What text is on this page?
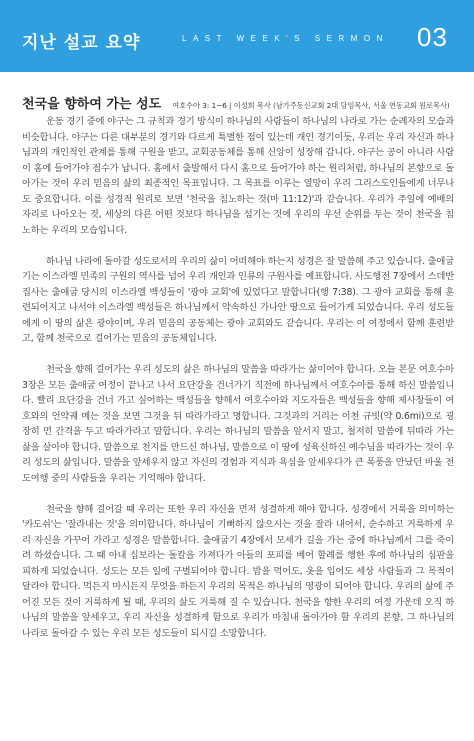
지난 설교 요약	LAST WEEK'S SERMON 03
천국을 향하여 가는 성도 여호수아 3: 1~6 | 이성희 목사 (남가주동신교회 2대 담임목사, 서울 연동교회 원로목사)

운동 경기 중에 야구는 그 규칙과 경기 방식이 하나님의 사람들이 하나님의 나라로 가는 순례자의 모습과 비슷합니다. 야구는 다른 대부분의 경기와 다르게 특별한 점이 있는데 개인 경기이듯, 우리는 우리 자신과 하나님과의 개인적인 관계를 통해 구원을 받고, 교회공동체를 통해 신앙이 성장해 갑니다. 야구는 공이 아니라 사람이 홈에 들어가야 점수가 납니다. 홈에서 출발해서 다시 홈으로 들어가야 하는 원리처럼, 하나님의 본향으로 돌아가는 것이 우리 믿음의 삶의 최종적인 목표입니다. 그 목표를 이루는 열망이 우리 그리스도인들에게 너무나도 중요합니다. 이를 성경적 원리로 보면 '천국을 침노하는 것(마 11:12)'과 같습니다. 우리가 주일에 예배의 자리로 나아오는 것, 세상의 다른 어떤 것보다 하나님을 섬기는 것에 우리의 우선 순위를 두는 것이 천국을 침노하는 우리의 모습입니다.

하나님 나라에 돌아갈 성도로서의 우리의 삶이 어떠해야 하는지 성경은 잘 말씀해 주고 있습니다. 출애굽기는 이스라엘 민족의 구원의 역사를 넘어 우리 개인과 인류의 구원사를 예표합니다. 사도행전 7장에서 스데반 집사는 출애굽 당시의 이스라엘 백성들이 '광야 교회'에 있었다고 말합니다(행 7:38). 그 광야 교회를 통해 훈련되어지고 나서야 이스라엘 백성들은 하나님께서 약속하신 가나안 땅으로 들어가게 되었습니다. 우리 성도들에게 이 땅의 삶은 광야이며, 우리 믿음의 공동체는 광야 교회와도 같습니다. 우리는 이 여정에서 함께 훈련받고, 함께 천국으로 걸어가는 믿음의 공동체입니다.

천국을 향해 걸어가는 우리 성도의 삶은 하나님의 말씀을 따라가는 삶이어야 합니다. 오늘 본문 여호수아 3장은 모든 출애굽 여정이 끝나고 나서 요단강을 건너가기 직전에 하나님께서 여호수아를 통해 하신 말씀입니다. 빨리 요단강을 건너 가고 싶어하는 백성들을 향해서 여호수아와 지도자들은 백성들을 향해 제사장들이 여호와의 언약궤 메는 것을 보면 그것을 뒤 따라가라고 명합니다. 그것과의 거리는 이천 규빗(약 0.6mi)으로 굉장히 먼 간격을 두고 따라가라고 말합니다. 우리는 하나님의 말씀을 앞서지 말고, 철저히 말씀에 뒤따라 가는 삶을 살아야 합니다. 말씀으로 천지를 만드신 하나님, 말씀으로 이 땅에 성육신하신 예수님을 따라가는 것이 우리 성도의 삶입니다. 말씀을 앞세우지 않고 자신의 경험과 지식과 욕심을 앞세우다가 큰 폭풍을 만났던 바울 전도여행 중의 사람들을 우리는 기억해야 합니다.

천국을 향해 걸어갈 때 우리는 또한 우리 자신을 먼저 성결하게 해야 합니다. 성경에서 거룩을 의미하는 '카도쉬'는 '잘라내는 것'을 의미합니다. 하나님이 기뻐하지 않으시는 것을 잘라 내어서, 순수하고 거룩하게 우리 자신을 가꾸어 가라고 성경은 말씀합니다. 출애굽기 4장에서 모세가 길을 가는 중에 하나님께서 그를 죽이려 하셨습니다. 그 때 아내 십보라는 돌칼을 가져다가 아들의 포피를 베어 할례를 행한 후에 하나님의 심판을 피하게 되었습니다. 성도는 모든 일에 구별되어야 합니다. 밥을 먹어도, 옷을 입어도 세상 사람들과 그 목적이 달라야 합니다. 먹든지 마시든지 무엇을 하든지 우리의 목적은 하나님의 영광이 되어야 합니다. 우리의 삶에 주어진 모든 것이 거룩하게 될 때, 우리의 삶도 거룩해 질 수 있습니다. 천국을 향한 우리의 여정 가운데 오직 하나님의 말씀을 앞세우고, 우리 자신을 성결하게 함으로 우리가 마침내 돌아가야 할 우리의 본향, 그 하나님의 나라로 돌아갈 수 있는 우리 모든 성도들이 되시길 소망합니다.
